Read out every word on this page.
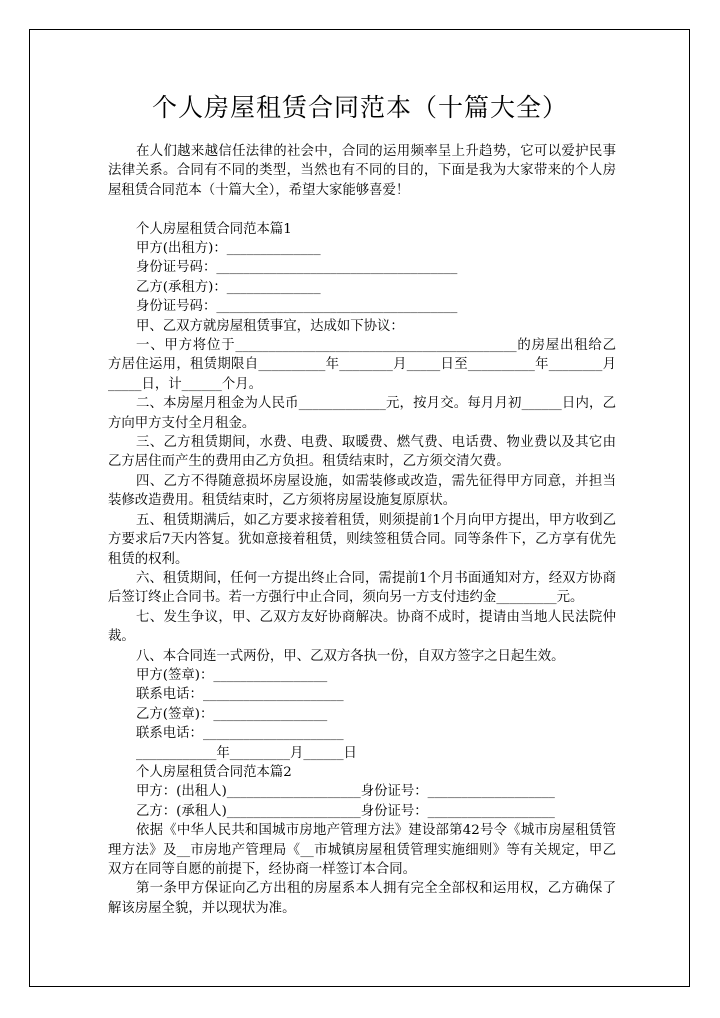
个人房屋租赁合同范本（十篇大全）

在人们越来越信任法律的社会中，合同的运用频率呈上升趋势，它可以爱护民事法律关系。合同有不同的类型，当然也有不同的目的，下面是我为大家带来的个人房屋租赁合同范本（十篇大全），希望大家能够喜爱！

个人房屋租赁合同范本篇1

甲方(出租方)：______________

身份证号码：____________________________________

乙方(承租方)：______________

身份证号码：____________________________________

甲、乙双方就房屋租赁事宜，达成如下协议：

一、甲方将位于__________________________________________的房屋出租给乙方居住运用，租赁期限自__________年________月_____日至__________年________月_____日，计______个月。

二、本房屋月租金为人民币_____________元，按月交。每月月初______日内，乙方向甲方支付全月租金。

三、乙方租赁期间，水费、电费、取暖费、燃气费、电话费、物业费以及其它由乙方居住而产生的费用由乙方负担。租赁结束时，乙方须交清欠费。

四、乙方不得随意损坏房屋设施，如需装修或改造，需先征得甲方同意，并担当装修改造费用。租赁结束时，乙方须将房屋设施复原原状。

五、租赁期满后，如乙方要求接着租赁，则须提前1个月向甲方提出，甲方收到乙方要求后7天内答复。犹如意接着租赁，则续签租赁合同。同等条件下，乙方享有优先租赁的权利。

六、租赁期间，任何一方提出终止合同，需提前1个月书面通知对方，经双方协商后签订终止合同书。若一方强行中止合同，须向另一方支付违约金_________元。

七、发生争议，甲、乙双方友好协商解决。协商不成时，提请由当地人民法院仲裁。

八、本合同连一式两份，甲、乙双方各执一份，自双方签字之日起生效。

甲方(签章)：_________________

联系电话：_____________________

乙方(签章)：_________________

联系电话：_____________________

____________年_________月______日

个人房屋租赁合同范本篇2

甲方：(出租人)____________________身份证号：___________________

乙方：(承租人)____________________身份证号：___________________

依据《中华人民共和国城市房地产管理方法》建设部第42号令《城市房屋租赁管理方法》及__市房地产管理局《__市城镇房屋租赁管理实施细则》等有关规定，甲乙双方在同等自愿的前提下，经协商一样签订本合同。

第一条甲方保证向乙方出租的房屋系本人拥有完全全部权和运用权，乙方确保了解该房屋全貌，并以现状为准。
